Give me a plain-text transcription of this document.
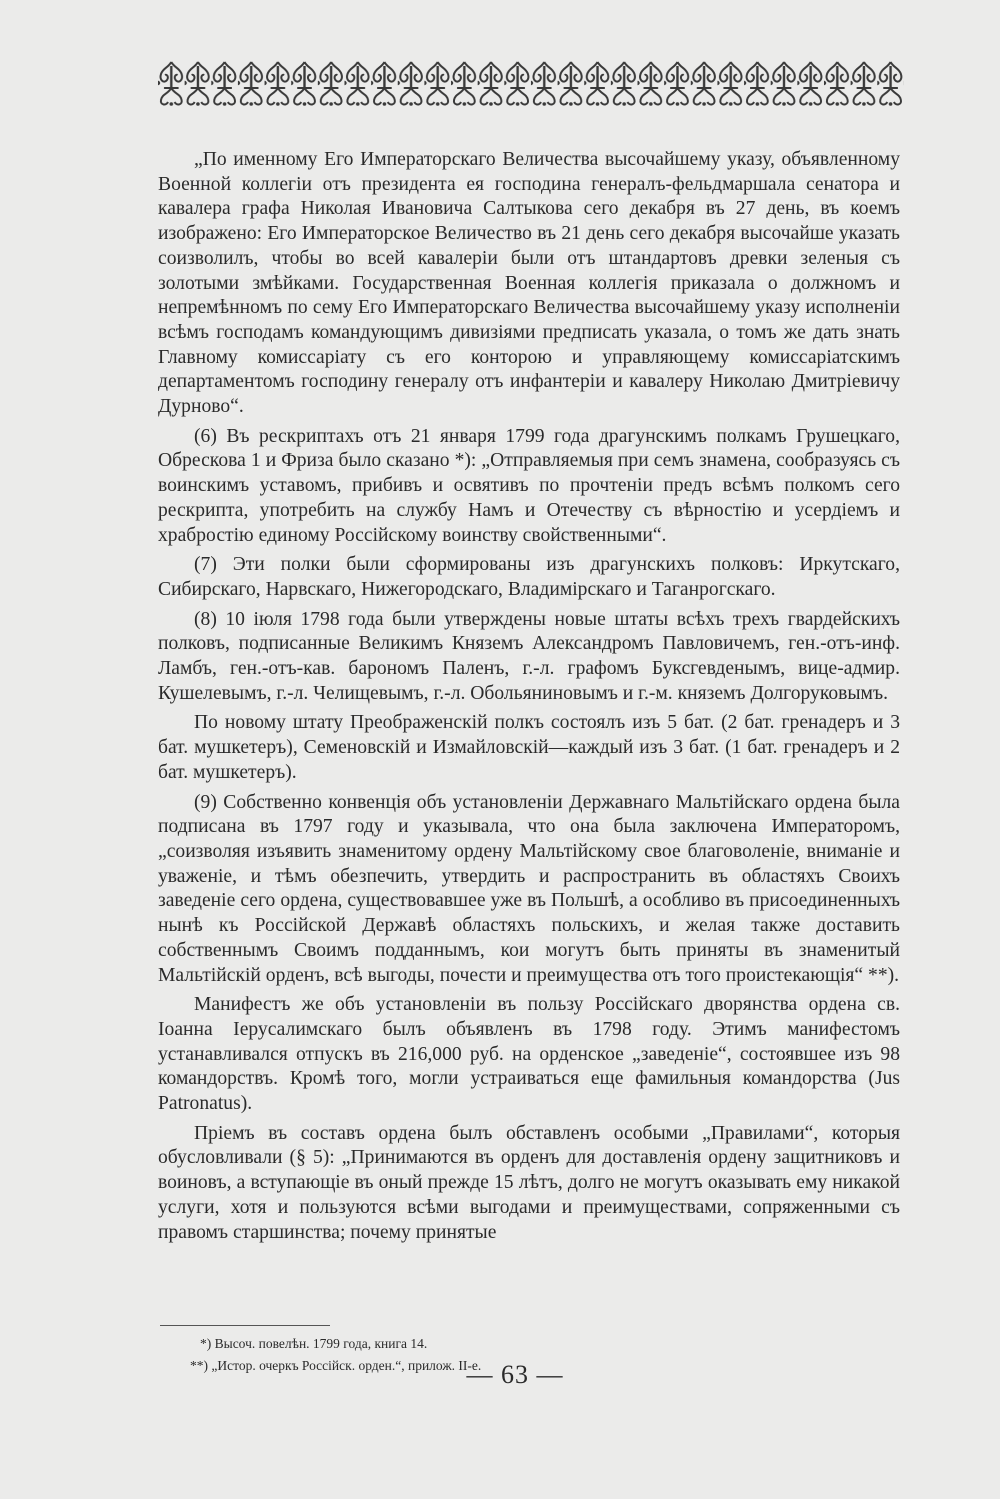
„По именному Его Императорскаго Величества высочайшему указу, объявленному Военной коллегіи отъ президента ея господина генералъ-фельдмаршала сенатора и кавалера графа Николая Ивановича Салтыкова сего декабря въ 27 день, въ коемъ изображено: Его Императорское Величество въ 21 день сего декабря высочайше указать соизволилъ, чтобы во всей кавалеріи были отъ штандартовъ древки зеленыя съ золотыми змѣйками. Государственная Военная коллегія приказала о должномъ и непремѣнномъ по сему Его Императорскаго Величества высочайшему указу исполненіи всѣмъ господамъ командующимъ дивизіями предписать указала, о томъ же дать знать Главному комиссаріату съ его конторою и управляющему комиссаріатскимъ департаментомъ господину генералу отъ инфантеріи и кавалеру Николаю Дмитріевичу Дурново“.

(6) Въ рескриптахъ отъ 21 января 1799 года драгунскимъ полкамъ Грушецкаго, Обрескова 1 и Фриза было сказано *): „Отправляемыя при семъ знамена, сообразуясь съ воинскимъ уставомъ, прибивъ и освятивъ по прочтеніи предъ всѣмъ полкомъ сего рескрипта, употребить на службу Намъ и Отечеству съ вѣрностію и усердіемъ и храбростію единому Россійскому воинству свойственными“.

(7) Эти полки были сформированы изъ драгунскихъ полковъ: Иркутскаго, Сибирскаго, Нарвскаго, Нижегородскаго, Владимірскаго и Таганрогскаго.

(8) 10 іюля 1798 года были утверждены новые штаты всѣхъ трехъ гвардейскихъ полковъ, подписанные Великимъ Княземъ Александромъ Павловичемъ, ген.-отъ-инф. Ламбъ, ген.-отъ-кав. барономъ Паленъ, г.-л. графомъ Буксгевденымъ, вице-адмир. Кушелевымъ, г.-л. Челищевымъ, г.-л. Обольяниновымъ и г.-м. княземъ Долгоруковымъ.

По новому штату Преображенскій полкъ состоялъ изъ 5 бат. (2 бат. гренадеръ и 3 бат. мушкетеръ), Семеновскій и Измайловскій—каждый изъ 3 бат. (1 бат. гренадеръ и 2 бат. мушкетеръ).

(9) Собственно конвенція объ установленіи Державнаго Мальтійскаго ордена была подписана въ 1797 году и указывала, что она была заключена Императоромъ, „соизволяя изъявить знаменитому ордену Мальтійскому свое благоволеніе, вниманіе и уваженіе, и тѣмъ обезпечить, утвердить и распространить въ областяхъ Своихъ заведеніе сего ордена, существовавшее уже въ Польшѣ, а особливо въ присоединенныхъ нынѣ къ Россійской Державѣ областяхъ польскихъ, и желая также доставить собственнымъ Своимъ подданнымъ, кои могутъ быть приняты въ знаменитый Мальтійскій орденъ, всѣ выгоды, почести и преимущества отъ того проистекающія“ **).

Манифестъ же объ установленіи въ пользу Россійскаго дворянства ордена св. Іоанна Іерусалимскаго былъ объявленъ въ 1798 году. Этимъ манифестомъ устанавливался отпускъ въ 216,000 руб. на орденское „заведеніе“, состоявшее изъ 98 командорствъ. Кромѣ того, могли устраиваться еще фамильныя командорства (Jus Patronatus).

Пріемъ въ составъ ордена былъ обставленъ особыми „Правилами“, которыя обусловливали (§ 5): „Принимаются въ орденъ для доставленія ордену защитниковъ и воиновъ, а вступающіе въ оный прежде 15 лѣтъ, долго не могутъ оказывать ему никакой услуги, хотя и пользуются всѣми выгодами и преимуществами, сопряженными съ правомъ старшинства; почему принятые

*) Высоч. повелѣн. 1799 года, книга 14.

**) „Истор. очеркъ Россійск. орден.“, прилож. II-е.

— 63 —
